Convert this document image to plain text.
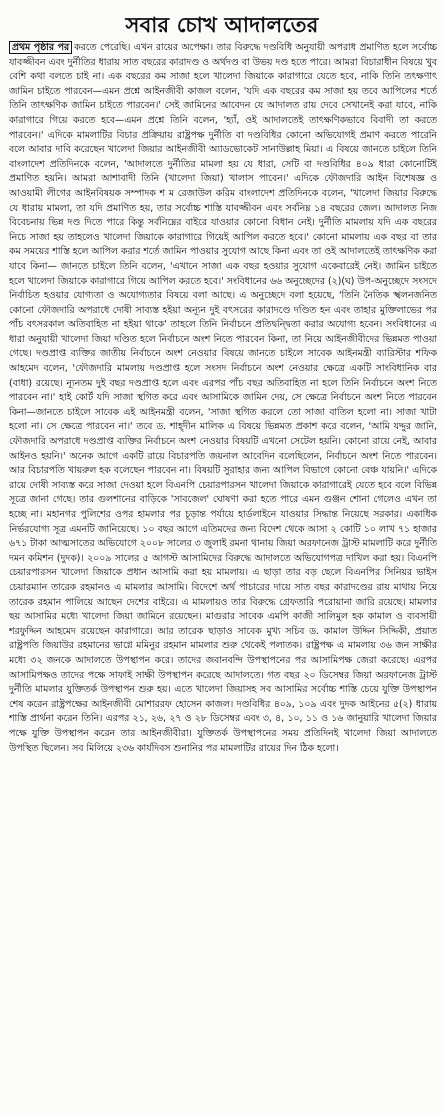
সবার চোখ আদালতের
প্রথম পৃষ্ঠার পর করতে পেরেছি। এখন রায়ের অপেক্ষা। তার বিরুদ্ধে দণ্ডবিধি অনুযায়ী অপরাধ প্রমাণিত হলে সর্বোচ্চ যাবজ্জীবন এবং দুর্নীতির ধারায় সাত বছরের কারাদণ্ড ও অর্থদণ্ড বা উভয় দণ্ড হতে পারে। আমরা বিচারাধীন বিষয়ে খুব বেশি কথা বলতে চাই না। এক বছরের কম সাজা হলে খালেদা জিয়াকে কারাগারে যেতে হবে, নাকি তিনি তৎক্ষণাৎ জামিন চাইতে পারবেন—এমন প্রশ্নে আইনজীবী কাজল বলেন, 'যদি এক বছরের কম সাজা হয় তবে আপিলের শর্তে তিনি তাৎক্ষণিক জামিন চাইতে পারবেন।' সেই জামিনের আবেদন যে আদালত রায় দেবে সেখানেই করা যাবে, নাকি কারাগারে গিয়ে করতে হবে—এমন প্রশ্নে তিনি বলেন, 'হ্যাঁ, ওই আদালতেই তাৎক্ষণিকভাবে বিবাদী তা করতে পারবেন।' এদিকে মামলাটির বিচার প্রক্রিয়ায় রাষ্ট্রপক্ষ দুর্নীতি বা দণ্ডবিধির কোনো অভিযোগই প্রমাণ করতে পারেনি বলে আবার দাবি করেছেন খালেদা জিয়ার আইনজীবী অ্যাডভোকেট সানাউল্লাহ মিয়া। এ বিষয়ে জানতে চাইলে তিনি বাংলাদেশ প্রতিদিনকে বলেন, 'আদালতে দুর্নীতির মামলা হয় যে ধারা, সেটি বা দণ্ডবিধির ৪০৯ ধারা কোনোটিই প্রমাণিত হয়নি। আমরা আশাবাদী তিনি (খালেদা জিয়া) খালাস পাবেন।' এদিকে ফৌজদারি আইন বিশেষজ্ঞ ও আওয়ামী লীগের আইনবিষয়ক সম্পাদক শ ম রেজাউল করিম বাংলাদেশ প্রতিদিনকে বলেন, 'খালেদা জিয়ার বিরুদ্ধে যে ধারায় মামলা, তা যদি প্রমাণিত হয়, তার সর্বোচ্চ শাস্তি যাবজ্জীবন এবং সর্বনিম্ন ১৪ বছরের জেল। আদালত নিজ বিবেচনায় ভিন্ন দণ্ড দিতে পারে কিন্তু সর্বনিম্নের বাইরে যাওয়ার কোনো বিধান নেই। দুর্নীতি মামলায় যদি এক বছরের নিচে সাজা হয় তাহলেও খালেদা জিয়াকে কারাগারে গিয়েই আপিল করতে হবে।' কোনো মামলায় এক বছর বা তার কম সময়ের শাস্তি হলে আপিল করার শর্তে জামিন পাওয়ার সুযোগ আছে কিনা এবং তা ওই আদালতেই তাৎক্ষণিক করা যাবে কিনা— জানতে চাইলে তিনি বলেন, 'এখানে সাজা এক বছর হওয়ার সুযোগ একেবারেই নেই। জামিন চাইতে হলে খালেদা জিয়াকে কারাগারে গিয়ে আপিল করতে হবে।' সংবিধানের ৬৬ অনুচ্ছেদের (২)(ঘ) উপ-অনুচ্ছেদে সংসদে নির্বাচিত হওয়ার যোগ্যতা ও অযোগ্যতার বিষয়ে বলা আছে। এ অনুচ্ছেদে বলা হয়েছে, 'তিনি নৈতিক স্খলনজনিত কোনো ফৌজদারি অপরাধে দোষী সাব্যস্ত হইয়া অন্যূন দুই বৎসরের কারাদণ্ডে দণ্ডিত হন এবং তাহার মুক্তিলাভের পর পাঁচ বৎসরকাল অতিবাহিত না হইয়া থাকে' তাহলে তিনি নির্বাচনে প্রতিদ্বন্দ্বিতা করার অযোগ্য হবেন। সংবিধানের এ ধারা অনুযায়ী খালেদা জিয়া দণ্ডিত হলে নির্বাচনে অংশ নিতে পারবেন কিনা, তা নিয়ে আইনজীবীদের ভিন্নমত পাওয়া গেছে। দণ্ডপ্রাপ্ত ব্যক্তির জাতীয় নির্বাচনে অংশ নেওয়ার বিষয়ে জানতে চাইলে সাবেক আইনমন্ত্রী ব্যারিস্টার শফিক আহমেদ বলেন, 'ফৌজদারি মামলায় দণ্ডপ্রাপ্ত হলে সংসদ নির্বাচনে অংশ নেওয়ার ক্ষেত্রে একটি সাংবিধানিক বার (বাধা) রয়েছে। ন্যূনতম দুই বছর দণ্ডপ্রাপ্ত হলে এবং এরপর পাঁচ বছর অতিবাহিত না হলে তিনি নির্বাচনে অংশ নিতে পারবেন না।' হাই কোর্ট যদি সাজা স্থগিত করে এবং আসামিকে জামিন দেয়, সে ক্ষেত্রে নির্বাচনে অংশ নিতে পারবেন কিনা—জানতে চাইলে সাবেক এই আইনমন্ত্রী বলেন, 'সাজা স্থগিত করলে তো সাজা বাতিল হলো না। সাজা খাটা হলো না। সে ক্ষেত্রে পারবেন না।' তবে ড. শাহ্দীন মালিক এ বিষয়ে ভিন্নমত প্রকাশ করে বলেন, 'আমি যদ্দুর জানি, ফৌজদারি অপরাধে দণ্ডপ্রাপ্ত ব্যক্তির নির্বাচনে অংশ নেওয়ার বিষয়টি এখনো সেটেল হয়নি। কোনো রায়ে নেই, আবার আইনও হয়নি।' অনেক আগে একটি রায়ে বিচারপতি জয়নাল আবেদিন বলেছিলেন, নির্বাচনে অংশ নিতে পারবেন। আর বিচারপতি খায়রুল হক বলেছেন পারবেন না। বিষয়টি সুরাহার জন্য আপিল বিভাগে কোনো বেঞ্চ যায়নি।' এদিকে রায়ে দোষী সাব্যস্ত করে সাজা দেওয়া হলে বিএনপি চেয়ারপারসন খালেদা জিয়াকে কারাগারেই যেতে হবে বলে বিভিন্ন সূত্রে জানা গেছে। তার গুলশানের বাড়িকে 'সাবজেল' ঘোষণা করা হতে পারে এমন গুঞ্জন শোনা গেলেও এখন তা হচ্ছে না। মহানগর পুলিশের ওপর হামলার পর চূড়ান্ত পর্যায়ে হার্ডলাইনে যাওয়ার সিদ্ধান্ত নিয়েছে সরকার। একাধিক নির্ভরযোগ্য সূত্র এমনটি জানিয়েছে। ১০ বছর আগে এতিমদের জন্য বিদেশ থেকে আসা ২ কোটি ১০ লাখ ৭১ হাজার ৬৭১ টাকা আত্মসাতের অভিযোগে ২০০৮ সালের ৩ জুলাই রমনা থানায় জিয়া অরফানেজ ট্রাস্ট মামলাটি করে দুর্নীতি দমন কমিশন (দুদক)। ২০০৯ সালের ৫ আগস্ট আসামিদের বিরুদ্ধে আদালতে অভিযোগপত্র দাখিল করা হয়। বিএনপি চেয়ারপারসন খালেদা জিয়াকে প্রধান আসামি করা হয় মামলায়। এ ছাড়া তার বড় ছেলে বিএনপির সিনিয়র ভাইস চেয়ারম্যান তারেক রহমানও এ মামলার আসামি। বিদেশে অর্থ পাচারের দায়ে সাত বছর কারাদণ্ডের রায় মাথায় নিয়ে তারেক রহমান পালিয়ে আছেন দেশের বাইরে। এ মামলায়ও তার বিরুদ্ধে গ্রেফতারি পরোয়ানা জারি রয়েছে। মামলার ছয় আসামির মধ্যে খালেদা জিয়া জামিনে রয়েছেন। মাগুরার সাবেক এমপি কাজী সালিমুল হক কামাল ও ব্যবসায়ী শরফুদ্দিন আহমেদ রয়েছেন কারাগারে। আর তারেক ছাড়াও সাবেক মুখ্য সচিব ড. কামাল উদ্দিন সিদ্দিকী, প্রয়াত রাষ্ট্রপতি জিয়াউর রহমানের ভাগ্নে মমিনুর রহমান মামলার শুরু থেকেই পলাতক। রাষ্ট্রপক্ষ এ মামলায় ৩৬ জন সাক্ষীর মধ্যে ৩২ জনকে আদালতে উপস্থাপন করে। তাদের জবানবন্দি উপস্থাপনের পর আসামিপক্ষ জেরা করেছে। এরপর আসামিপক্ষও তাদের পক্ষে সাফাই সাক্ষী উপস্থাপন করেছে আদালতে। গত বছর ২০ ডিসেম্বর জিয়া অরফানেজ ট্রাস্ট দুর্নীতি মামলার যুক্তিতর্ক উপস্থাপন শুরু হয়। এতে খালেদা জিয়াসহ সব আসামির সর্বোচ্চ শাস্তি চেয়ে যুক্তি উপস্থাপন শেষ করেন রাষ্ট্রপক্ষের আইনজীবী মোশাররফ হোসেন কাজল। দণ্ডবিধির ৪০৯, ১০৯ এবং দুদক আইনের ৫(২) ধারায় শাস্তি প্রার্থনা করেন তিনি। এরপর ২১, ২৬, ২৭ ও ২৮ ডিসেম্বর এবং ৩, ৪, ১০, ১১ ও ১৬ জানুয়ারি খালেদা জিয়ার পক্ষে যুক্তি উপস্থাপন করেন তার আইনজীবীরা। যুক্তিতর্ক উপস্থাপনের সময় প্রতিদিনই খালেদা জিয়া আদালতে উপস্থিত ছিলেন। সব মিলিয়ে ২৩৬ কার্যদিবস শুনানির পর মামলাটির রায়ের দিন ঠিক হলো।
